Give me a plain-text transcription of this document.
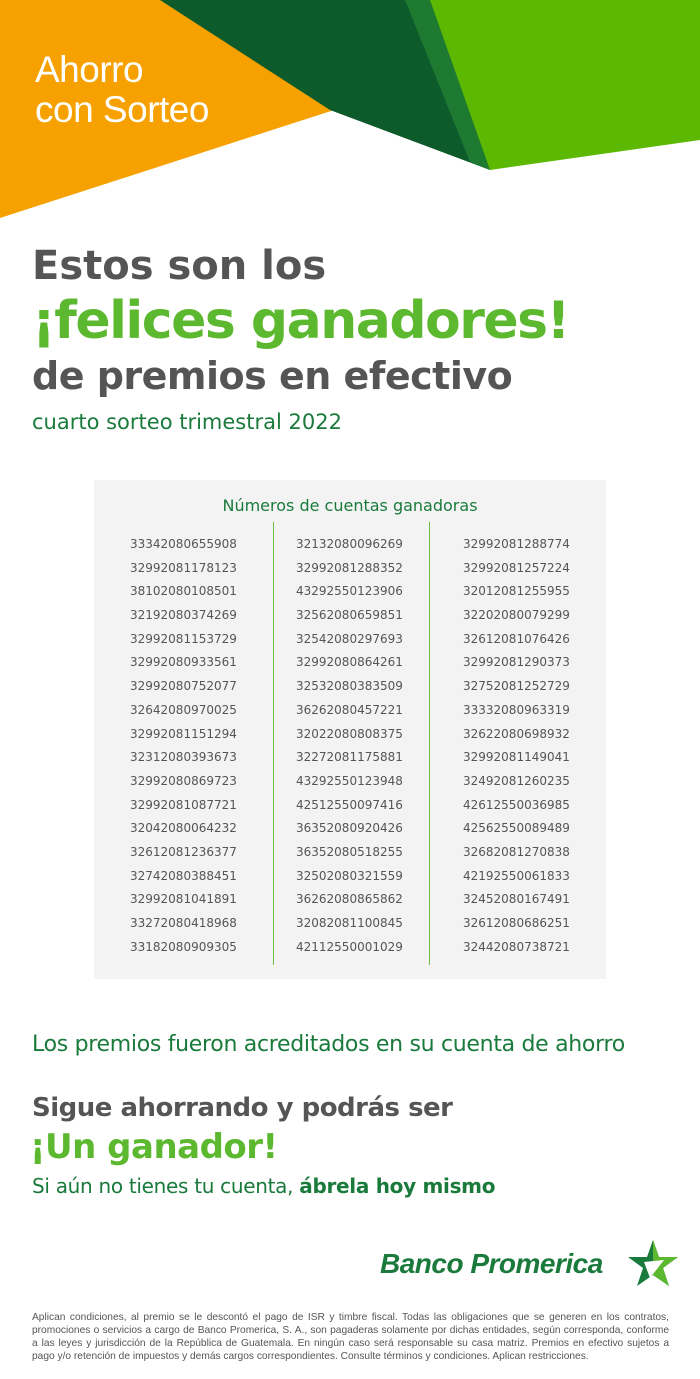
Ahorro
con Sorteo
Estos son los
¡felices ganadores!
de premios en efectivo
cuarto sorteo trimestral 2022
Números de cuentas ganadoras
33342080655908
32992081178123
38102080108501
32192080374269
32992081153729
32992080933561
32992080752077
32642080970025
32992081151294
32312080393673
32992080869723
32992081087721
32042080064232
32612081236377
32742080388451
32992081041891
33272080418968
33182080909305
32132080096269
32992081288352
43292550123906
32562080659851
32542080297693
32992080864261
32532080383509
36262080457221
32022080808375
32272081175881
43292550123948
42512550097416
36352080920426
36352080518255
32502080321559
36262080865862
32082081100845
42112550001029
32992081288774
32992081257224
32012081255955
32202080079299
32612081076426
32992081290373
32752081252729
33332080963319
32622080698932
32992081149041
32492081260235
42612550036985
42562550089489
32682081270838
42192550061833
32452080167491
32612080686251
32442080738721
Los premios fueron acreditados en su cuenta de ahorro
Sigue ahorrando y podrás ser
¡Un ganador!
Si aún no tienes tu cuenta, ábrela hoy mismo
Banco Promerica
Aplican condiciones, al premio se le descontó el pago de ISR y timbre fiscal. Todas las obligaciones que se generen en los contratos, promociones o servicios a cargo de Banco Promerica, S. A., son pagaderas solamente por dichas entidades, según corresponda, conforme a las leyes y jurisdicción de la República de Guatemala. En ningún caso será responsable su casa matriz. Premios en efectivo sujetos a pago y/o retención de impuestos y demás cargos correspondientes. Consulte términos y condiciones. Aplican restricciones.
